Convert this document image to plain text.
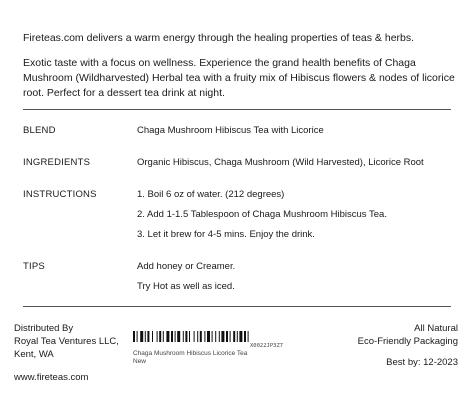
Fireteas.com delivers a warm energy through the healing properties of teas & herbs.

Exotic taste with a focus on wellness. Experience the grand health benefits of Chaga Mushroom (Wildharvested) Herbal tea with a fruity mix of Hibiscus flowers & nodes of licorice root. Perfect for a dessert tea drink at night.

BLEND	Chaga Mushroom Hibiscus Tea with Licorice
INGREDIENTS	Organic Hibiscus, Chaga Mushroom (Wild Harvested), Licorice Root
INSTRUCTIONS	1. Boil 6 oz of water. (212 degrees)
2. Add 1-1.5 Tablespoon of Chaga Mushroom Hibiscus Tea.
3. Let it brew for 4-5 mins. Enjoy the drink.
TIPS	Add honey or Creamer.
Try Hot as well as iced.
Distributed By
Royal Tea Ventures LLC,
Kent, WA
www.fireteas.com
X0022JP3Z7
Chaga Mushroom Hibiscus Licorice Tea
New
All Natural
Eco-Friendly Packaging
Best by: 12-2023
